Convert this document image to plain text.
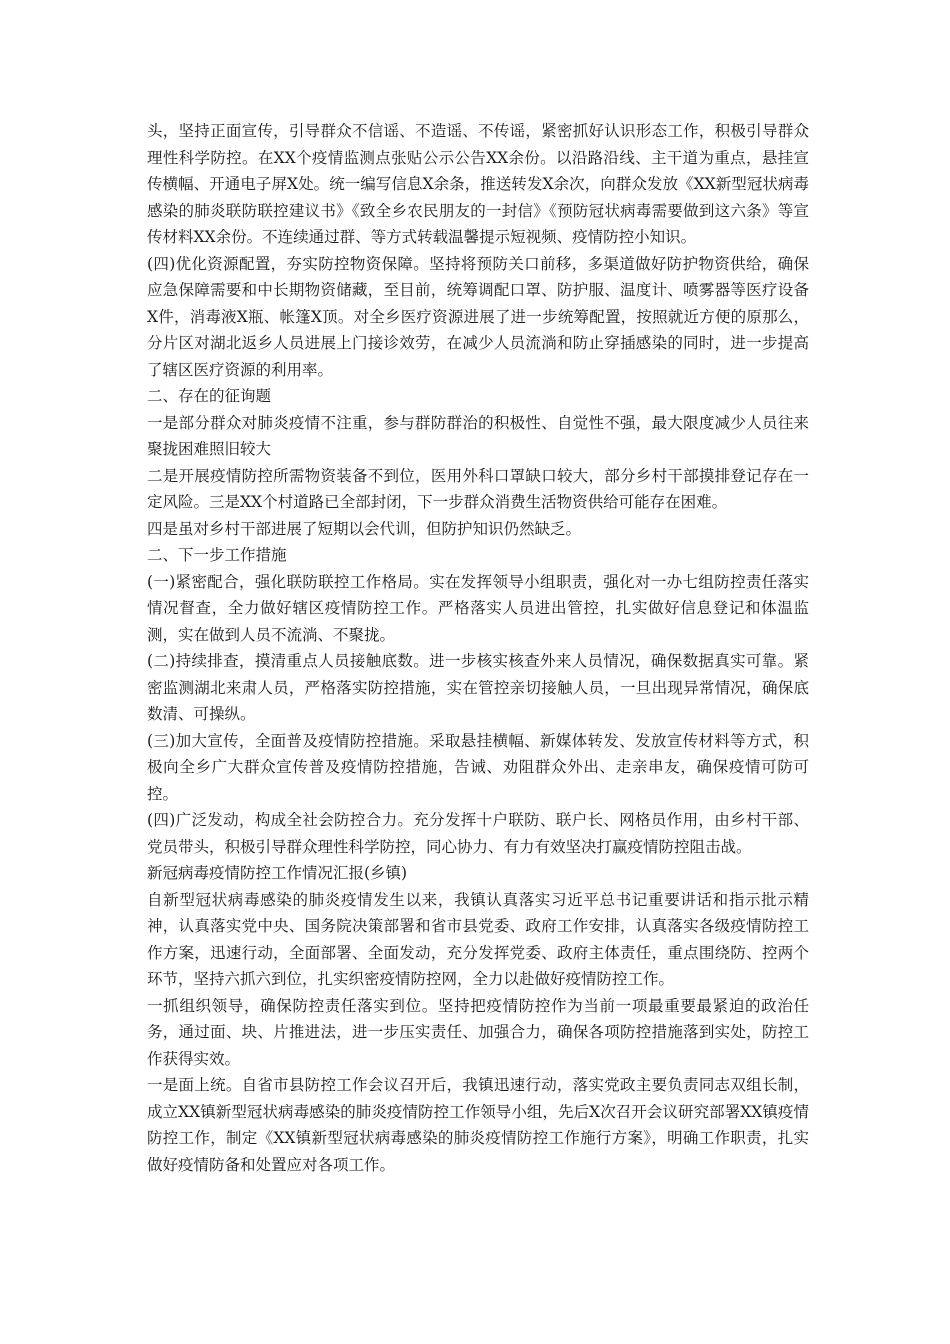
头，坚持正面宣传，引导群众不信谣、不造谣、不传谣，紧密抓好认识形态工作，积极引导群众理性科学防控。在XX个疫情监测点张贴公示公告XX余份。以沿路沿线、主干道为重点，悬挂宣传横幅、开通电子屏X处。统一编写信息X余条，推送转发X余次，向群众发放《XX新型冠状病毒感染的肺炎联防联控建议书》《致全乡农民朋友的一封信》《预防冠状病毒需要做到这六条》等宣传材料XX余份。不连续通过群、等方式转载温馨提示短视频、疫情防控小知识。

(四)优化资源配置，夯实防控物资保障。坚持将预防关口前移，多渠道做好防护物资供给，确保应急保障需要和中长期物资储藏，至目前，统筹调配口罩、防护服、温度计、喷雾器等医疗设备X件，消毒液X瓶、帐篷X顶。对全乡医疗资源进展了进一步统筹配置，按照就近方便的原那么，分片区对湖北返乡人员进展上门接诊效劳，在减少人员流淌和防止穿插感染的同时，进一步提高了辖区医疗资源的利用率。

二、存在的征询题

一是部分群众对肺炎疫情不注重，参与群防群治的积极性、自觉性不强，最大限度减少人员往来聚拢困难照旧较大

二是开展疫情防控所需物资装备不到位，医用外科口罩缺口较大，部分乡村干部摸排登记存在一定风险。三是XX个村道路已全部封闭，下一步群众消费生活物资供给可能存在困难。

四是虽对乡村干部进展了短期以会代训，但防护知识仍然缺乏。

二、下一步工作措施

(一)紧密配合，强化联防联控工作格局。实在发挥领导小组职责，强化对一办七组防控责任落实情况督查，全力做好辖区疫情防控工作。严格落实人员进出管控，扎实做好信息登记和体温监测，实在做到人员不流淌、不聚拢。

(二)持续排查，摸清重点人员接触底数。进一步核实核查外来人员情况，确保数据真实可靠。紧密监测湖北来肃人员，严格落实防控措施，实在管控亲切接触人员，一旦出现异常情况，确保底数清、可操纵。

(三)加大宣传，全面普及疫情防控措施。采取悬挂横幅、新媒体转发、发放宣传材料等方式，积极向全乡广大群众宣传普及疫情防控措施，告诫、劝阻群众外出、走亲串友，确保疫情可防可控。

(四)广泛发动，构成全社会防控合力。充分发挥十户联防、联户长、网格员作用，由乡村干部、党员带头，积极引导群众理性科学防控，同心协力、有力有效坚决打赢疫情防控阻击战。

新冠病毒疫情防控工作情况汇报(乡镇)

自新型冠状病毒感染的肺炎疫情发生以来，我镇认真落实习近平总书记重要讲话和指示批示精神，认真落实党中央、国务院决策部署和省市县党委、政府工作安排，认真落实各级疫情防控工作方案，迅速行动，全面部署、全面发动，充分发挥党委、政府主体责任，重点围绕防、控两个环节，坚持六抓六到位，扎实织密疫情防控网，全力以赴做好疫情防控工作。

一抓组织领导，确保防控责任落实到位。坚持把疫情防控作为当前一项最重要最紧迫的政治任务，通过面、块、片推进法，进一步压实责任、加强合力，确保各项防控措施落到实处，防控工作获得实效。

一是面上统。自省市县防控工作会议召开后，我镇迅速行动，落实党政主要负责同志双组长制，成立XX镇新型冠状病毒感染的肺炎疫情防控工作领导小组，先后X次召开会议研究部署XX镇疫情防控工作，制定《XX镇新型冠状病毒感染的肺炎疫情防控工作施行方案》，明确工作职责，扎实做好疫情防备和处置应对各项工作。
